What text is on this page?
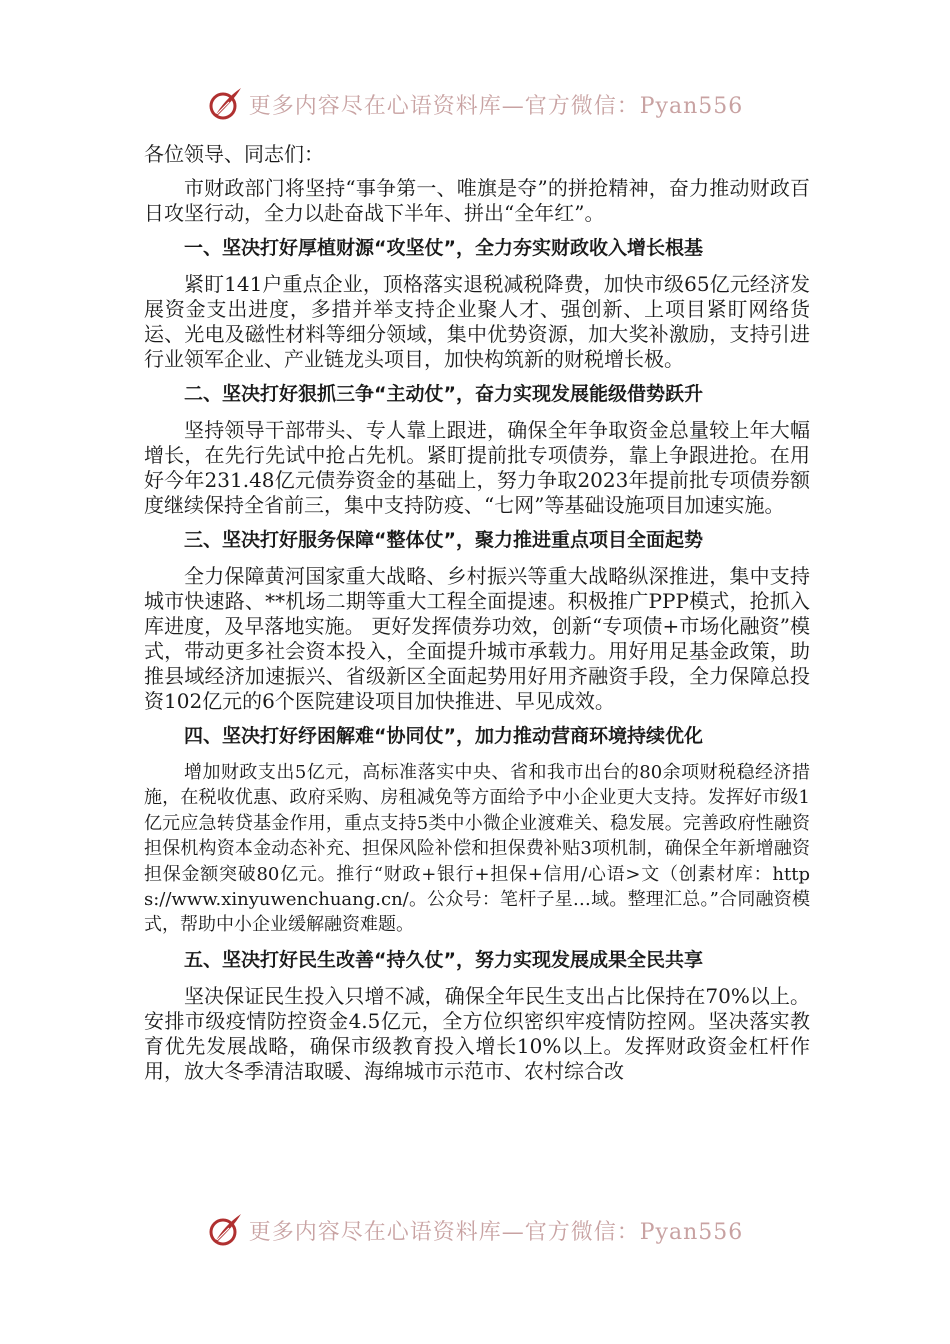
更多内容尽在心语资料库—官方微信：Pyan556

各位领导、同志们：

市财政部门将坚持“事争第一、唯旗是夺”的拼抢精神，奋力推动财政百日攻坚行动，全力以赴奋战下半年、拼出“全年红”。

一、坚决打好厚植财源“攻坚仗”，全力夯实财政收入增长根基

紧盯141户重点企业，顶格落实退税减税降费，加快市级65亿元经济发展资金支出进度，多措并举支持企业聚人才、强创新、上项目紧盯网络货运、光电及磁性材料等细分领域，集中优势资源，加大奖补激励，支持引进行业领军企业、产业链龙头项目，加快构筑新的财税增长极。

二、坚决打好狠抓三争“主动仗”，奋力实现发展能级借势跃升

坚持领导干部带头、专人靠上跟进，确保全年争取资金总量较上年大幅增长，在先行先试中抢占先机。紧盯提前批专项债券，靠上争跟进抢。在用好今年231.48亿元债券资金的基础上，努力争取2023年提前批专项债券额度继续保持全省前三，集中支持防疫、“七网”等基础设施项目加速实施。

三、坚决打好服务保障“整体仗”，聚力推进重点项目全面起势

全力保障黄河国家重大战略、乡村振兴等重大战略纵深推进，集中支持城市快速路、**机场二期等重大工程全面提速。积极推广PPP模式，抢抓入库进度，及早落地实施。 更好发挥债券功效，创新“专项债+市场化融资”模式，带动更多社会资本投入，全面提升城市承载力。用好用足基金政策，助推县域经济加速振兴、省级新区全面起势用好用齐融资手段，全力保障总投资102亿元的6个医院建设项目加快推进、早见成效。

四、坚决打好纾困解难“协同仗”，加力推动营商环境持续优化

增加财政支出5亿元，高标准落实中央、省和我市出台的80余项财税稳经济措施，在税收优惠、政府采购、房租减免等方面给予中小企业更大支持。发挥好市级1亿元应急转贷基金作用，重点支持5类中小微企业渡难关、稳发展。完善政府性融资担保机构资本金动态补充、担保风险补偿和担保费补贴3项机制，确保全年新增融资担保金额突破80亿元。推行“财政+银行+担保+信用/心语>文（创素材库：https://www.xinyuwenchuang.cn/。公众号：笔杆子星…域。整理汇总。”合同融资模式，帮助中小企业缓解融资难题。

五、坚决打好民生改善“持久仗”，努力实现发展成果全民共享

坚决保证民生投入只增不减，确保全年民生支出占比保持在70%以上。安排市级疫情防控资金4.5亿元，全方位织密织牢疫情防控网。坚决落实教育优先发展战略，确保市级教育投入增长10%以上。发挥财政资金杠杆作用，放大冬季清洁取暖、海绵城市示范市、农村综合改

更多内容尽在心语资料库—官方微信：Pyan556
